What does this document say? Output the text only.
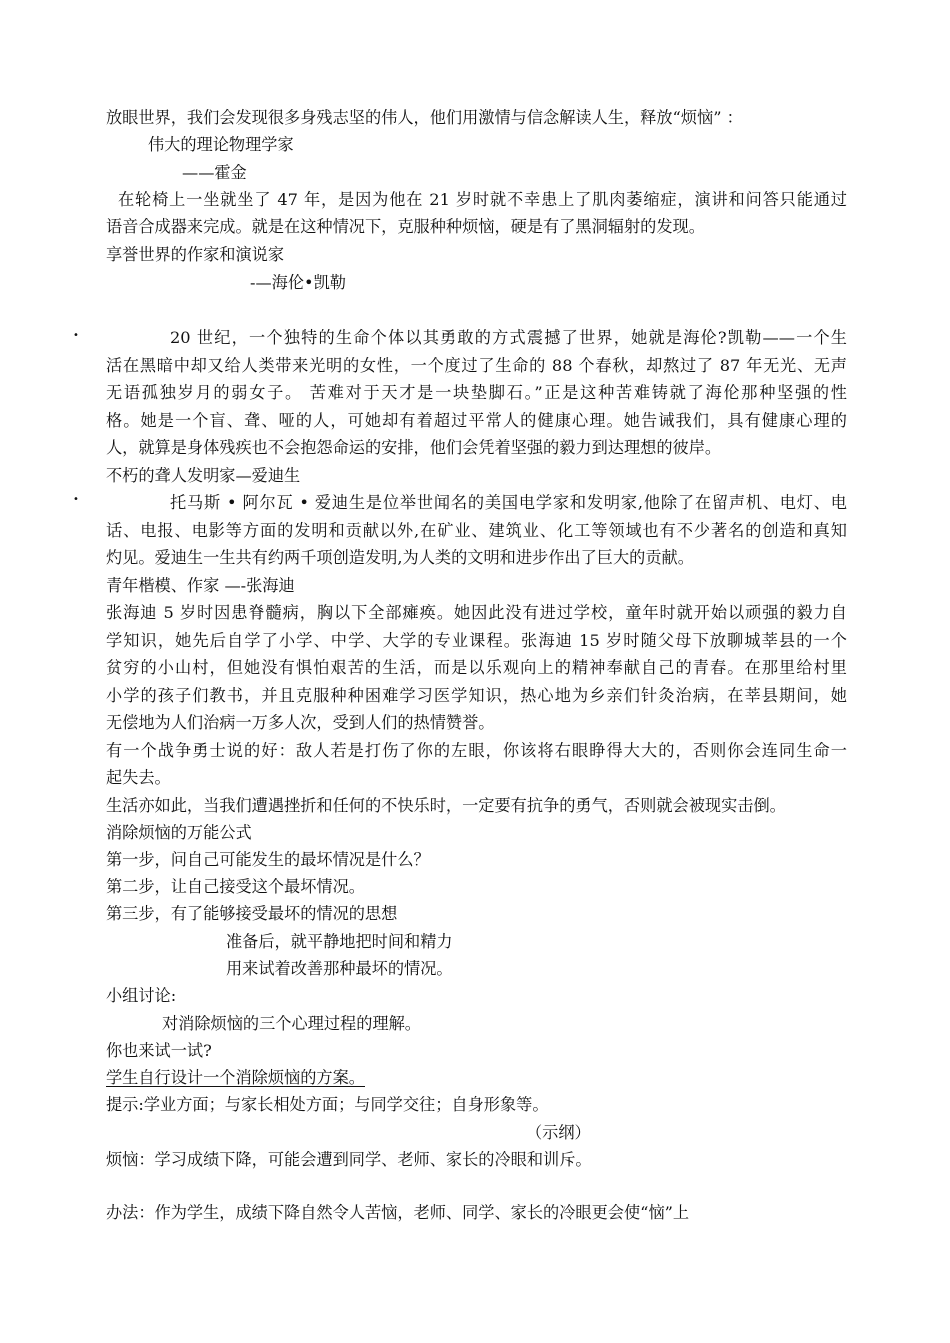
放眼世界，我们会发现很多身残志坚的伟人，他们用激情与信念解读人生，释放“烦恼” ：

伟大的理论物理学家

——霍金

在轮椅上一坐就坐了 47 年，是因为他在 21 岁时就不幸患上了肌肉萎缩症，演讲和问答只能通过

语音合成器来完成。就是在这种情况下，克服种种烦恼，硬是有了黑洞辐射的发现。

享誉世界的作家和演说家

-—海伦•凯勒

•	20 世纪，一个独特的生命个体以其勇敢的方式震撼了世界，她就是海伦?凯勒——一个生

活在黑暗中却又给人类带来光明的女性，一个度过了生命的 88 个春秋，却熬过了 87 年无光、无声

无语孤独岁月的弱女子。 苦难对于天才是一块垫脚石。”正是这种苦难铸就了海伦那种坚强的性

格。她是一个盲、聋、哑的人，可她却有着超过平常人的健康心理。她告诫我们，具有健康心理的

人，就算是身体残疾也不会抱怨命运的安排，他们会凭着坚强的毅力到达理想的彼岸。

不朽的聋人发明家—爱迪生

•	托马斯 • 阿尔瓦 • 爱迪生是位举世闻名的美国电学家和发明家,他除了在留声机、电灯、电

话、电报、电影等方面的发明和贡献以外,在矿业、建筑业、化工等领域也有不少著名的创造和真知

灼见。爱迪生一生共有约两千项创造发明,为人类的文明和进步作出了巨大的贡献。

青年楷模、作家 —-张海迪

张海迪 5 岁时因患脊髓病，胸以下全部瘫痪。她因此没有进过学校，童年时就开始以顽强的毅力自

学知识，她先后自学了小学、中学、大学的专业课程。张海迪 15 岁时随父母下放聊城莘县的一个

贫穷的小山村，但她没有惧怕艰苦的生活，而是以乐观向上的精神奉献自己的青春。在那里给村里

小学的孩子们教书，并且克服种种困难学习医学知识，热心地为乡亲们针灸治病，在莘县期间，她

无偿地为人们治病一万多人次，受到人们的热情赞誉。

有一个战争勇士说的好：敌人若是打伤了你的左眼，你该将右眼睁得大大的，否则你会连同生命一

起失去。

生活亦如此，当我们遭遇挫折和任何的不快乐时，一定要有抗争的勇气，否则就会被现实击倒。

消除烦恼的万能公式

第一步，问自己可能发生的最坏情况是什么？

第二步，让自己接受这个最坏情况。

第三步，有了能够接受最坏的情况的思想

准备后，就平静地把时间和精力

用来试着改善那种最坏的情况。

小组讨论:

对消除烦恼的三个心理过程的理解。

你也来试一试?

学生自行设计一个消除烦恼的方案。

提示:学业方面；与家长相处方面；与同学交往；自身形象等。

（示纲）

烦恼：学习成绩下降，可能会遭到同学、老师、家长的冷眼和训斥。

办法：作为学生，成绩下降自然令人苦恼，老师、同学、家长的冷眼更会使“恼”上
